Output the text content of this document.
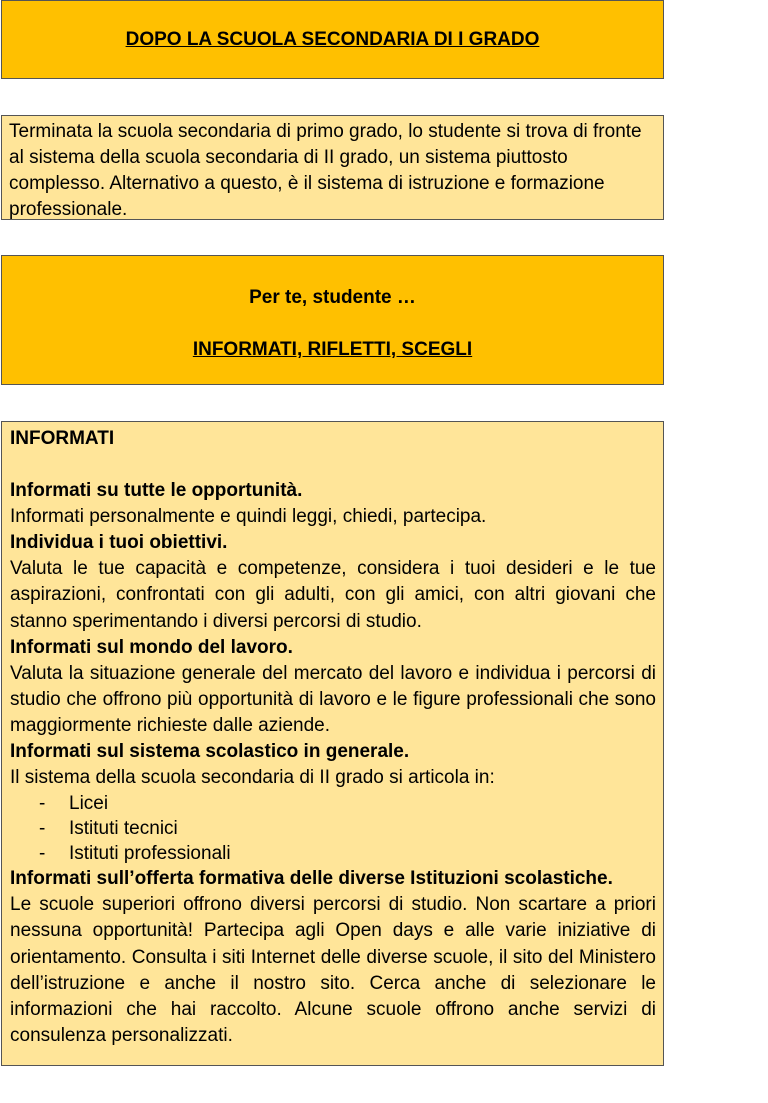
DOPO LA SCUOLA SECONDARIA DI I GRADO

Terminata la scuola secondaria di primo grado, lo studente si trova di fronte al sistema della scuola secondaria di II grado, un sistema piuttosto complesso. Alternativo a questo, è il sistema di istruzione e formazione professionale.

Per te, studente …
INFORMATI, RIFLETTI, SCEGLI

INFORMATI

Informati su tutte le opportunità.

Informati personalmente e quindi leggi, chiedi, partecipa.

Individua i tuoi obiettivi.

Valuta le tue capacità e competenze, considera i tuoi desideri e le tue aspirazioni, confrontati con gli adulti, con gli amici, con altri giovani che stanno sperimentando i diversi percorsi di studio.

Informati sul mondo del lavoro.

Valuta la situazione generale del mercato del lavoro e individua i percorsi di studio che offrono più opportunità di lavoro e le figure professionali che sono maggiormente richieste dalle aziende.

Informati sul sistema scolastico in generale.

Il sistema della scuola secondaria di II grado si articola in:

- Licei
- Istituti tecnici
- Istituti professionali

Informati sull’offerta formativa delle diverse Istituzioni scolastiche.

Le scuole superiori offrono diversi percorsi di studio. Non scartare a priori nessuna opportunità! Partecipa agli Open days e alle varie iniziative di orientamento. Consulta i siti Internet delle diverse scuole, il sito del Ministero dell’istruzione e anche il nostro sito. Cerca anche di selezionare le informazioni che hai raccolto. Alcune scuole offrono anche servizi di consulenza personalizzati.
